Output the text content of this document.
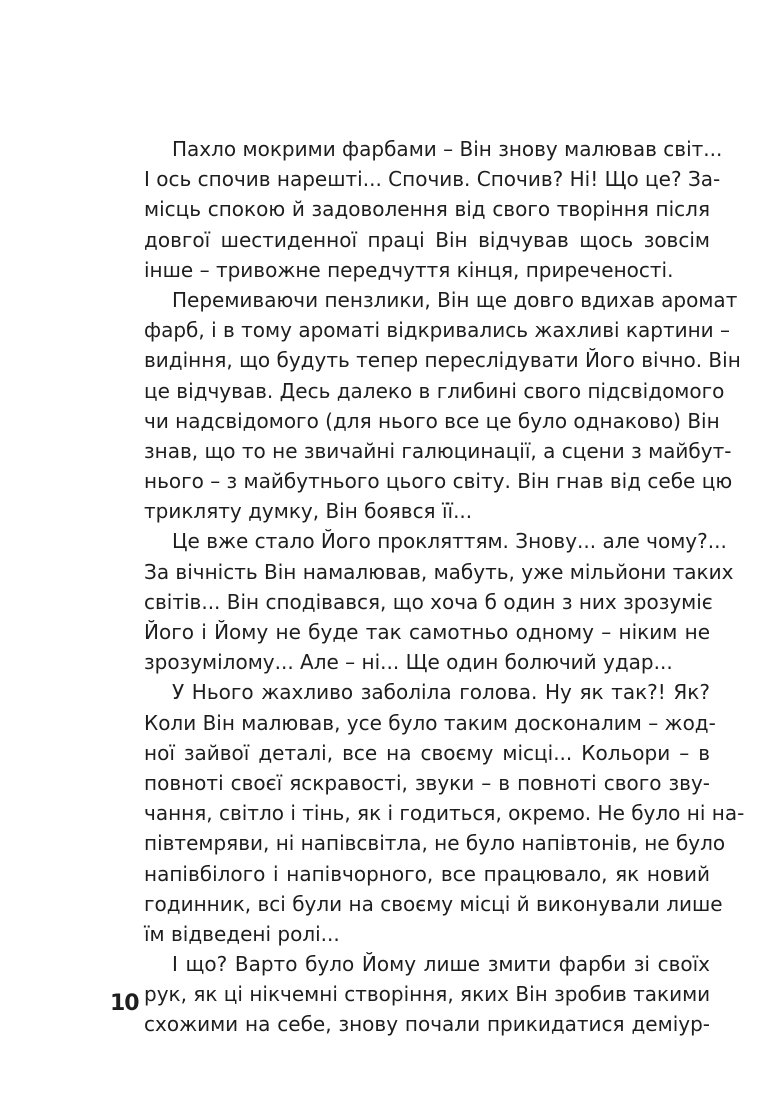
Пахло мокрими фарбами – Він знову малював світ...
І ось спочив нарешті... Спочив. Спочив? Ні! Що це? За-
місць спокою й задоволення від свого творіння після
довгої шестиденної праці Він відчував щось зовсім
інше – тривожне передчуття кінця, приреченості.
Перемиваючи пензлики, Він ще довго вдихав аромат
фарб, і в тому ароматі відкривались жахливі картини –
видіння, що будуть тепер переслідувати Його вічно. Він
це відчував. Десь далеко в глибині свого підсвідомого
чи надсвідомого (для нього все це було однаково) Він
знав, що то не звичайні галюцинації, а сцени з майбут-
нього – з майбутнього цього світу. Він гнав від себе цю
трикляту думку, Він боявся її...
Це вже стало Його прокляттям. Знову... але чому?...
За вічність Він намалював, мабуть, уже мільйони таких
світів... Він сподівався, що хоча б один з них зрозуміє
Його і Йому не буде так самотньо одному – ніким не
зрозумілому... Але – ні... Ще один болючий удар...
У Нього жахливо заболіла голова. Ну як так?! Як?
Коли Він малював, усе було таким досконалим – жод-
ної зайвої деталі, все на своєму місці... Кольори – в
повноті своєї яскравості, звуки – в повноті свого зву-
чання, світло і тінь, як і годиться, окремо. Не було ні на-
півтемряви, ні напівсвітла, не було напівтонів, не було
напівбілого і напівчорного, все працювало, як новий
годинник, всі були на своєму місці й виконували лише
їм відведені ролі...
І що? Варто було Йому лише змити фарби зі своїх
рук, як ці нікчемні створіння, яких Він зробив такими
схожими на себе, знову почали прикидатися деміур-
10
